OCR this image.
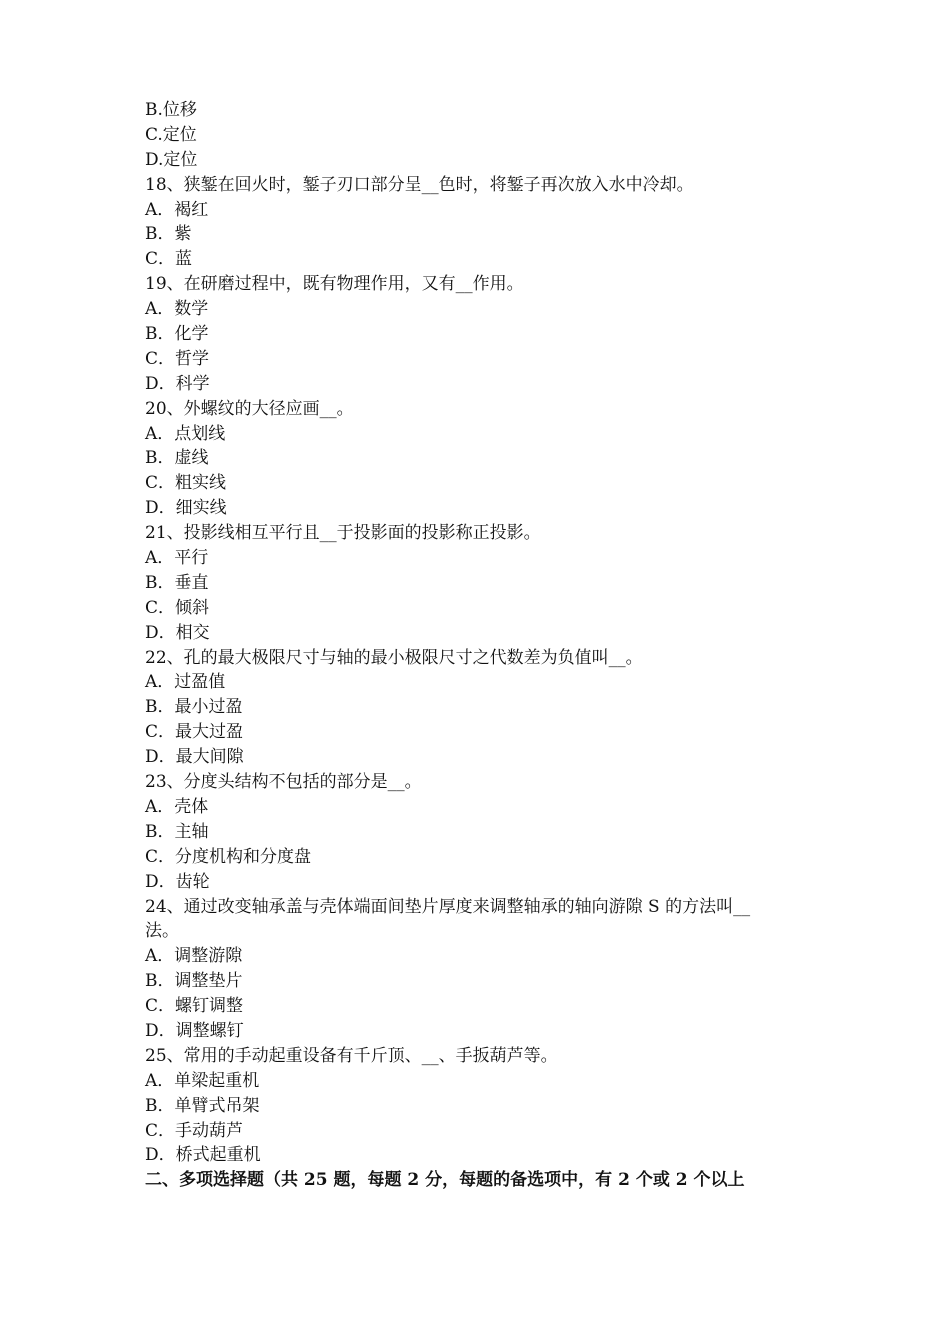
B.位移
C.定位
D.定位
18、狭錾在回火时，錾子刃口部分呈__色时，将錾子再次放入水中冷却。
A．褐红
B．紫
C．蓝
19、在研磨过程中，既有物理作用，又有__作用。
A．数学
B．化学
C．哲学
D．科学
20、外螺纹的大径应画__。
A．点划线
B．虚线
C．粗实线
D．细实线
21、投影线相互平行且__于投影面的投影称正投影。
A．平行
B．垂直
C．倾斜
D．相交
22、孔的最大极限尺寸与轴的最小极限尺寸之代数差为负值叫__。
A．过盈值
B．最小过盈
C．最大过盈
D．最大间隙
23、分度头结构不包括的部分是__。
A．壳体
B．主轴
C．分度机构和分度盘
D．齿轮
24、通过改变轴承盖与壳体端面间垫片厚度来调整轴承的轴向游隙 S 的方法叫__
法。
A．调整游隙
B．调整垫片
C．螺钉调整
D．调整螺钉
25、常用的手动起重设备有千斤顶、__、手扳葫芦等。
A．单梁起重机
B．单臂式吊架
C．手动葫芦
D．桥式起重机
二、多项选择题（共 25 题，每题 2 分，每题的备选项中，有 2 个或 2 个以上
